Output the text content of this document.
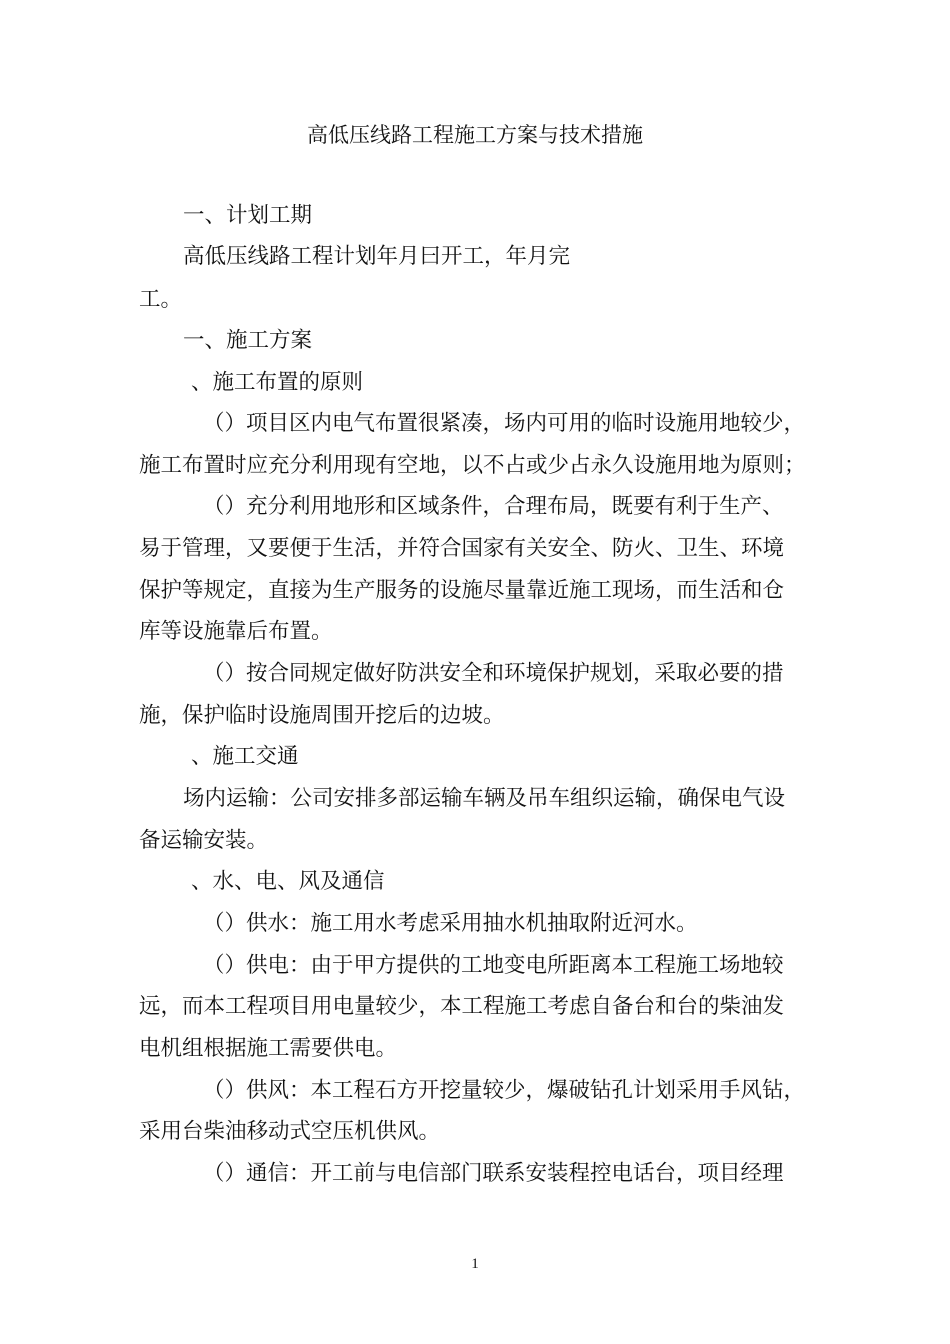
高低压线路工程施工方案与技术措施
一、计划工期
高低压线路工程计划年月曰开工，年月完
工。
一、施工方案
、施工布置的原则
（）项目区内电气布置很紧凑，场内可用的临时设施用地较少，
施工布置时应充分利用现有空地，以不占或少占永久设施用地为原则；
（）充分利用地形和区域条件，合理布局，既要有利于生产、
易于管理，又要便于生活，并符合国家有关安全、防火、卫生、环境
保护等规定，直接为生产服务的设施尽量靠近施工现场，而生活和仓
库等设施靠后布置。
（）按合同规定做好防洪安全和环境保护规划，采取必要的措
施，保护临时设施周围开挖后的边坡。
、施工交通
场内运输：公司安排多部运输车辆及吊车组织运输，确保电气设
备运输安装。
、水、电、风及通信
（）供水：施工用水考虑采用抽水机抽取附近河水。
（）供电：由于甲方提供的工地变电所距离本工程施工场地较
远，而本工程项目用电量较少，本工程施工考虑自备台和台的柴油发
电机组根据施工需要供电。
（）供风：本工程石方开挖量较少，爆破钻孔计划采用手风钻，
采用台柴油移动式空压机供风。
（）通信：开工前与电信部门联系安装程控电话台，项目经理
1
